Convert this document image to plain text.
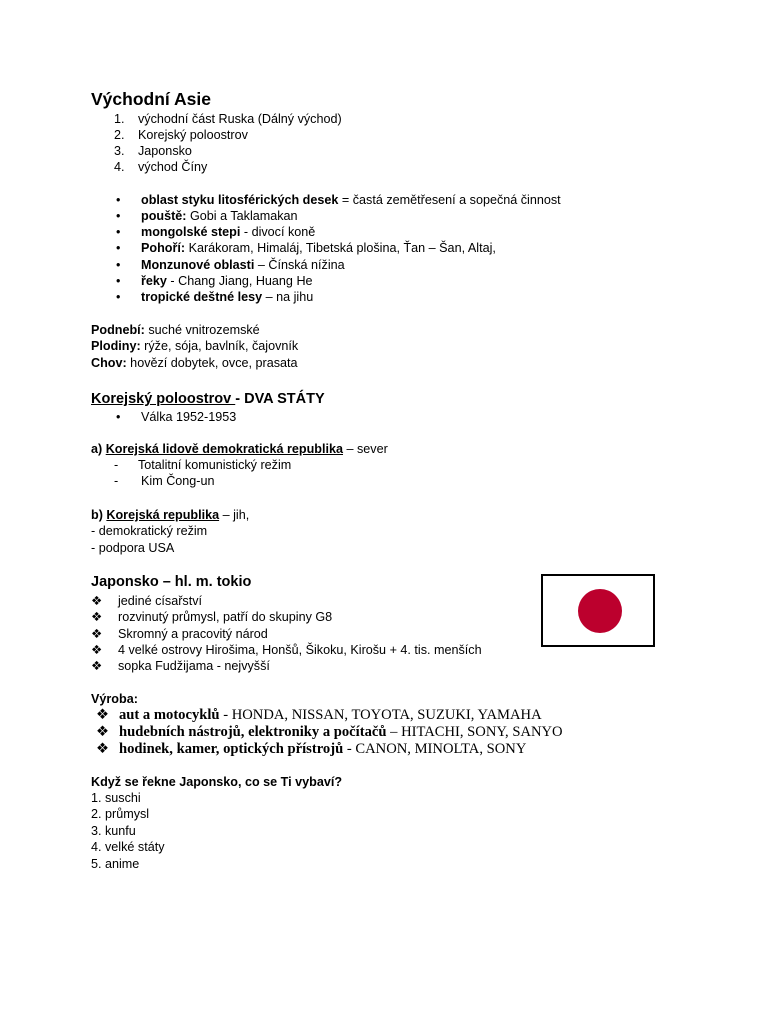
Východní Asie
1. východní část Ruska (Dálný východ)
2. Korejský poloostrov
3. Japonsko
4. východ Číny
• oblast styku litosférických desek = častá zemětřesení a sopečná činnost
• pouště: Gobi a Taklamakan
• mongolské stepi - divocí koně
• Pohoří: Karákoram, Himaláj, Tibetská plošina, Ťan – Šan, Altaj,
• Monzunové oblasti – Čínská nížina
• řeky - Chang Jiang, Huang He
• tropické deštné lesy – na jihu
Podnebí: suché vnitrozemské
Plodiny: rýže, sója, bavlník, čajovník
Chov: hovězí dobytek, ovce, prasata
Korejský poloostrov - DVA STÁTY
• Válka 1952-1953
a) Korejská lidově demokratická republika – sever
- Totalitní komunistický režim
- Kim Čong-un
b) Korejská republika – jih,
- demokratický režim
- podpora USA
Japonsko – hl. m. tokio
❖ jediné císařství
❖ rozvinutý průmysl, patří do skupiny G8
❖ Skromný a pracovitý národ
❖ 4 velké ostrovy Hirošima, Honšů, Šikoku, Kirošu + 4. tis. menších
❖ sopka Fudžijama - nejvyšší
Výroba:
❖ aut a motocyklů - HONDA, NISSAN, TOYOTA, SUZUKI, YAMAHA
❖ hudebních nástrojů, elektroniky a počítačů – HITACHI, SONY, SANYO
❖ hodinek, kamer, optických přístrojů - CANON, MINOLTA, SONY
Když se řekne Japonsko, co se Ti vybaví?
1. suschi
2. průmysl
3. kunfu
4. velké státy
5. anime
